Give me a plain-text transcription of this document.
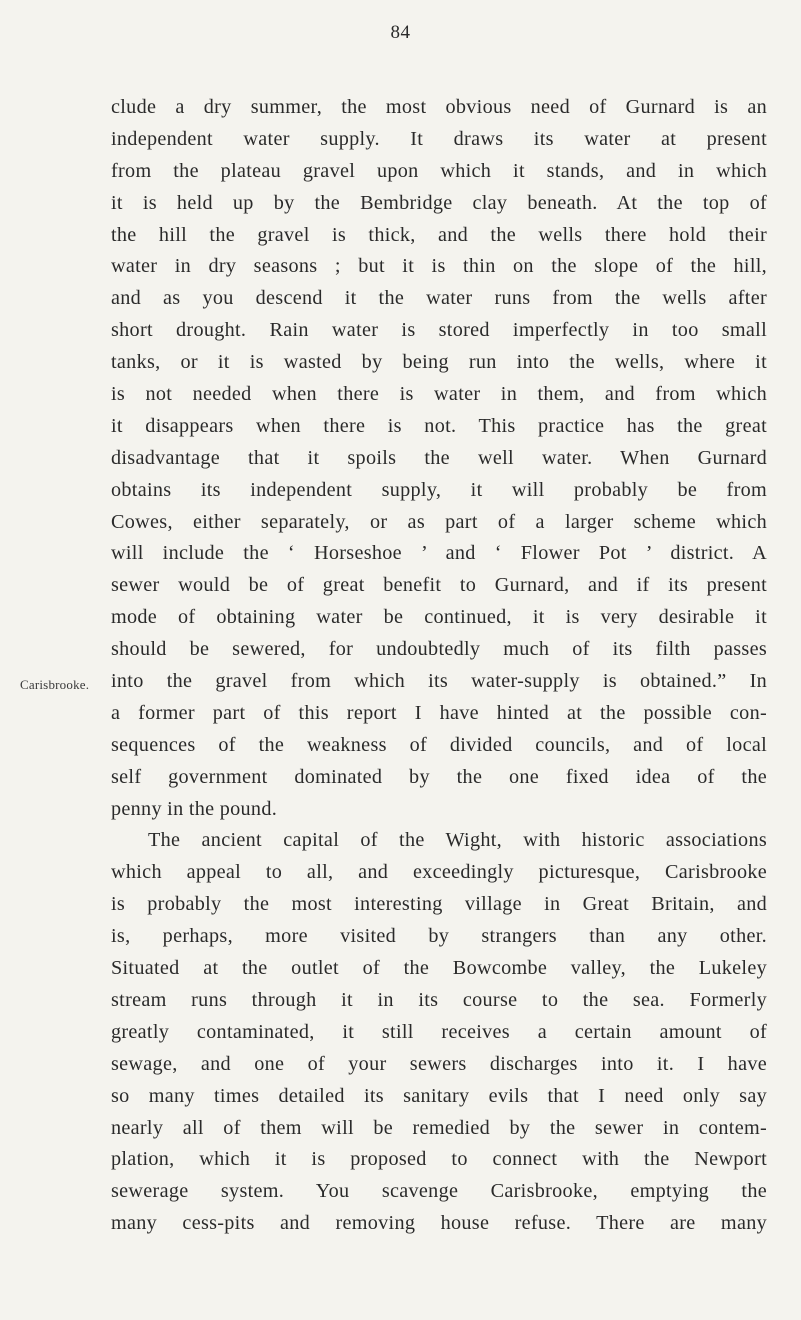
84
Carisbrooke.
clude a dry summer, the most obvious need of Gurnard is an
independent water supply. It draws its water at present
from the plateau gravel upon which it stands, and in which
it is held up by the Bembridge clay beneath. At the top of
the hill the gravel is thick, and the wells there hold their
water in dry seasons ; but it is thin on the slope of the hill,
and as you descend it the water runs from the wells after
short drought. Rain water is stored imperfectly in too small
tanks, or it is wasted by being run into the wells, where it
is not needed when there is water in them, and from which
it disappears when there is not. This practice has the great
disadvantage that it spoils the well water. When Gurnard
obtains its independent supply, it will probably be from
Cowes, either separately, or as part of a larger scheme which
will include the ‘ Horseshoe ’ and ‘ Flower Pot ’ district. A
sewer would be of great benefit to Gurnard, and if its present
mode of obtaining water be continued, it is very desirable it
should be sewered, for undoubtedly much of its filth passes
into the gravel from which its water-supply is obtained.” In
a former part of this report I have hinted at the possible con-
sequences of the weakness of divided councils, and of local
self government dominated by the one fixed idea of the
penny in the pound.
The ancient capital of the Wight, with historic associations
which appeal to all, and exceedingly picturesque, Carisbrooke
is probably the most interesting village in Great Britain, and
is, perhaps, more visited by strangers than any other.
Situated at the outlet of the Bowcombe valley, the Lukeley
stream runs through it in its course to the sea. Formerly
greatly contaminated, it still receives a certain amount of
sewage, and one of your sewers discharges into it. I have
so many times detailed its sanitary evils that I need only say
nearly all of them will be remedied by the sewer in contem-
plation, which it is proposed to connect with the Newport
sewerage system. You scavenge Carisbrooke, emptying the
many cess-pits and removing house refuse. There are many
